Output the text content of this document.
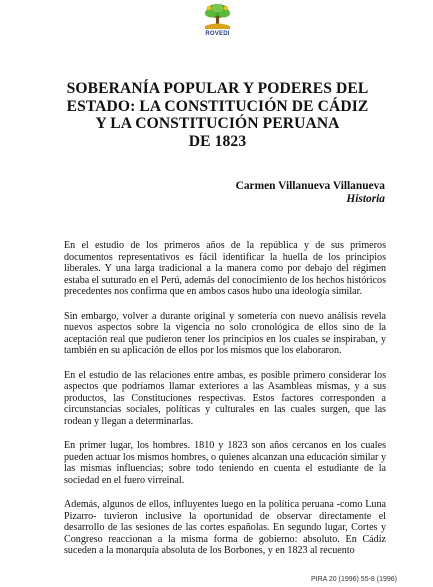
ROVEDI
SOBERANÍA POPULAR Y PODERES DEL
ESTADO: LA CONSTITUCIÓN DE CÁDIZ
Y LA CONSTITUCIÓN PERUANA
DE 1823
Carmen Villanueva Villanueva
Historia

En el estudio de los primeros años de la república y de sus primeros documentos representativos es fácil identificar la huella de los principios liberales. Y una larga tradicional a la manera como por debajo del régimen estaba el suturado en el Perú, además del conocimiento de los hechos históricos precedentes nos confirma que en ambos casos hubo una ideología similar.

Sin embargo, volver a durante original y sometería con nuevo análisis revela nuevos aspectos sobre la vigencia no solo cronológica de ellos sino de la aceptación real que pudieron tener los principios en los cuales se inspiraban, y también en su aplicación de ellos por los mismos que los elaboraron.

En el estudio de las relaciones entre ambas, es posible primero considerar los aspectos que podríamos llamar exteriores a las Asambleas mismas, y a sus productos, las Constituciones respectivas. Estos factores corresponden a circunstancias sociales, políticas y culturales en las cuales surgen, que las rodean y llegan a determinarlas.

En primer lugar, los hombres. 1810 y 1823 son años cercanos en los cuales pueden actuar los mismos hombres, o quienes alcanzan una educación similar y las mismas influencias; sobre todo teniendo en cuenta el estudiante de la sociedad en el fuero virreinal.

Además, algunos de ellos, influyentes luego en la política peruana -como Luna Pizarro- tuvieron inclusive la oportunidad de observar directamente el desarrollo de las sesiones de las cortes españolas. En segundo lugar, Cortes y Congreso reaccionan a la misma forma de gobierno: absoluto. En Cádiz suceden a la monarquía absoluta de los Borbones, y en 1823 al recuento

PIRA 20 (1996) 55-8 (1996)
